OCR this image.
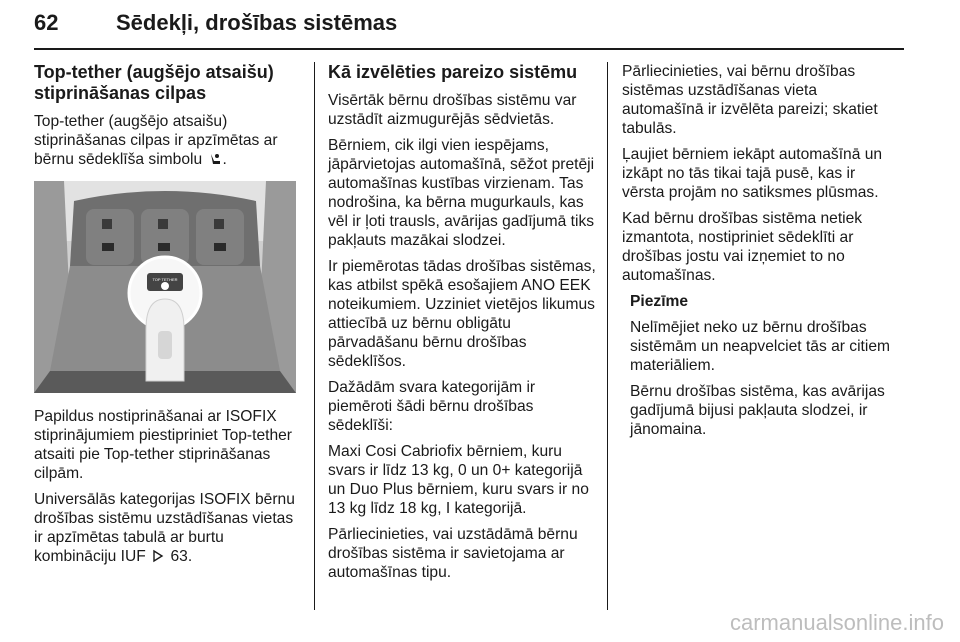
62	Sēdekļi, drošības sistēmas
Top-tether (augšējo atsaišu) stiprināšanas cilpas

Top-tether (augšējo atsaišu) stiprināšanas cilpas ir apzīmētas ar bērnu sēdeklīša simbolu .

TOP TETHER

Papildus nostiprināšanai ar ISOFIX stiprinājumiem piestipriniet Top-tether atsaiti pie Top-tether stiprināšanas cilpām.

Universālās kategorijas ISOFIX bērnu drošības sistēmu uzstādīšanas vietas ir apzīmētas tabulā ar burtu kombināciju IUF 63.

Kā izvēlēties pareizo sistēmu

Visērtāk bērnu drošības sistēmu var uzstādīt aizmugurējās sēdvietās.

Bērniem, cik ilgi vien iespējams, jāpārvietojas automašīnā, sēžot pretēji automašīnas kustības virzienam. Tas nodrošina, ka bērna mugurkauls, kas vēl ir ļoti trausls, avārijas gadījumā tiks pakļauts mazākai slodzei.

Ir piemērotas tādas drošības sistēmas, kas atbilst spēkā esošajiem ANO EEK noteikumiem. Uzziniet vietējos likumus attiecībā uz bērnu obligātu pārvadāšanu bērnu drošības sēdeklīšos.

Dažādām svara kategorijām ir piemēroti šādi bērnu drošības sēdeklīši:

Maxi Cosi Cabriofix bērniem, kuru svars ir līdz 13 kg, 0 un 0+ kategorijā un Duo Plus bērniem, kuru svars ir no 13 kg līdz 18 kg, I kategorijā.

Pārliecinieties, vai uzstādāmā bērnu drošības sistēma ir savietojama ar automašīnas tipu.

Pārliecinieties, vai bērnu drošības sistēmas uzstādīšanas vieta automašīnā ir izvēlēta pareizi; skatiet tabulās.

Ļaujiet bērniem iekāpt automašīnā un izkāpt no tās tikai tajā pusē, kas ir vērsta projām no satiksmes plūsmas.

Kad bērnu drošības sistēma netiek izmantota, nostipriniet sēdeklīti ar drošības jostu vai izņemiet to no automašīnas.

Piezīme

Nelīmējiet neko uz bērnu drošības sistēmām un neapvelciet tās ar citiem materiāliem.

Bērnu drošības sistēma, kas avārijas gadījumā bijusi pakļauta slodzei, ir jānomaina.

carmanualsonline.info
